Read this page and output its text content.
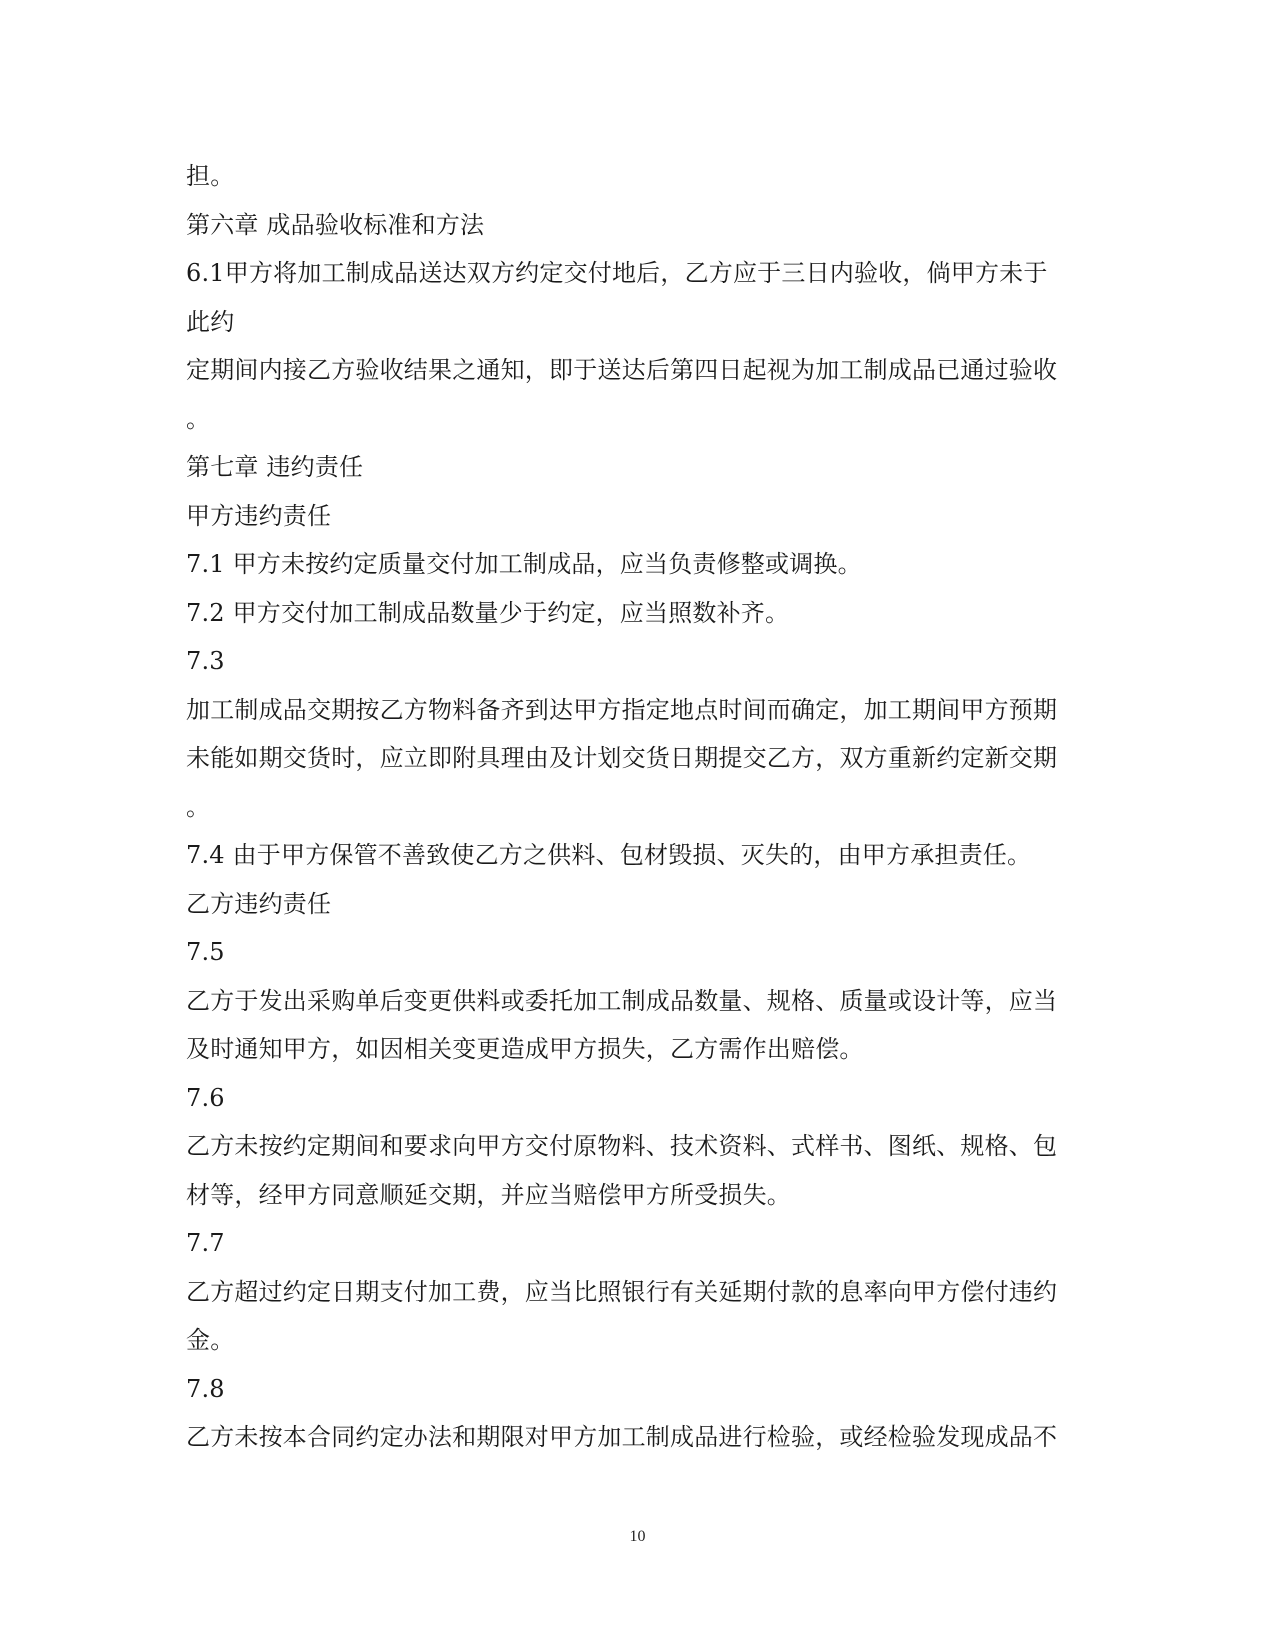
担。
第六章 成品验收标准和方法
6.1甲方将加工制成品送达双方约定交付地后，乙方应于三日内验收，倘甲方未于
此约
定期间内接乙方验收结果之通知，即于送达后第四日起视为加工制成品已通过验收
。
第七章 违约责任
甲方违约责任
7.1 甲方未按约定质量交付加工制成品，应当负责修整或调换。
7.2 甲方交付加工制成品数量少于约定，应当照数补齐。
7.3
加工制成品交期按乙方物料备齐到达甲方指定地点时间而确定，加工期间甲方预期
未能如期交货时，应立即附具理由及计划交货日期提交乙方，双方重新约定新交期
。
7.4 由于甲方保管不善致使乙方之供料、包材毁损、灭失的，由甲方承担责任。
乙方违约责任
7.5
乙方于发出采购单后变更供料或委托加工制成品数量、规格、质量或设计等，应当
及时通知甲方，如因相关变更造成甲方损失，乙方需作出赔偿。
7.6
乙方未按约定期间和要求向甲方交付原物料、技术资料、式样书、图纸、规格、包
材等，经甲方同意顺延交期，并应当赔偿甲方所受损失。
7.7
乙方超过约定日期支付加工费，应当比照银行有关延期付款的息率向甲方偿付违约
金。
7.8
乙方未按本合同约定办法和期限对甲方加工制成品进行检验，或经检验发现成品不
10
